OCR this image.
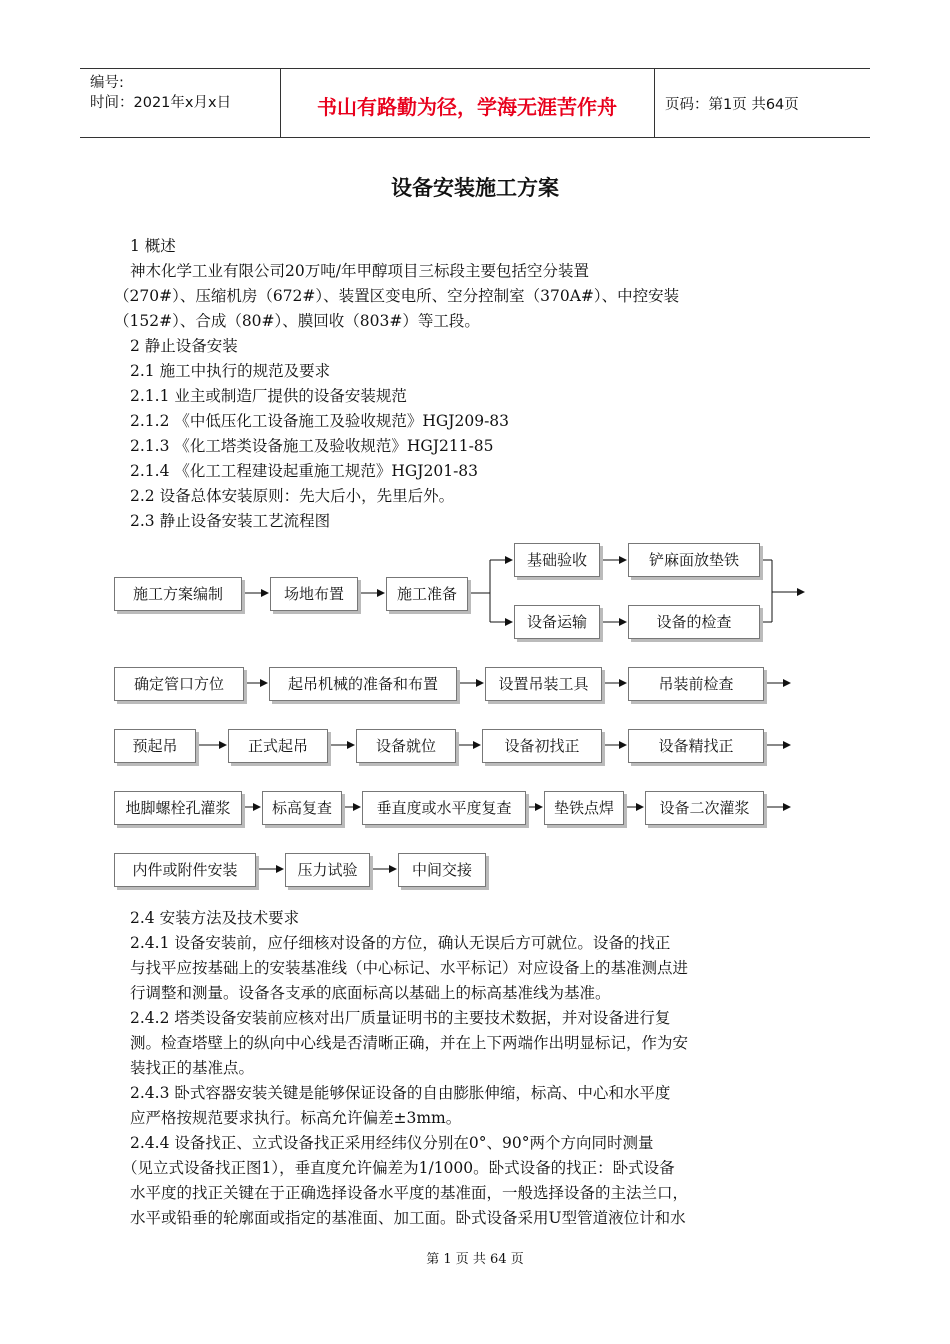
编号:
时间：2021年x月x日	书山有路勤为径，学海无涯苦作舟	页码：第1页 共64页
设备安装施工方案
1 概述
神木化学工业有限公司20万吨/年甲醇项目三标段主要包括空分装置
（270#）、压缩机房（672#）、装置区变电所、空分控制室（370A#）、中控安装
（152#）、合成（80#）、膜回收（803#）等工段。
2 静止设备安装
2.1 施工中执行的规范及要求
2.1.1 业主或制造厂提供的设备安装规范
2.1.2 《中低压化工设备施工及验收规范》HGJ209-83
2.1.3 《化工塔类设备施工及验收规范》HGJ211-85
2.1.4 《化工工程建设起重施工规范》HGJ201-83
2.2 设备总体安装原则：先大后小，先里后外。
2.3 静止设备安装工艺流程图
施工方案编制	场地布置	施工准备
基础验收	铲麻面放垫铁
设备运输	设备的检查
确定管口方位	起吊机械的准备和布置	设置吊装工具	吊装前检查
预起吊	正式起吊	设备就位	设备初找正	设备精找正
地脚螺栓孔灌浆	标高复查	垂直度或水平度复查	垫铁点焊	设备二次灌浆
内件或附件安装	压力试验	中间交接
2.4 安装方法及技术要求
2.4.1 设备安装前，应仔细核对设备的方位，确认无误后方可就位。设备的找正
与找平应按基础上的安装基准线（中心标记、水平标记）对应设备上的基准测点进
行调整和测量。设备各支承的底面标高以基础上的标高基准线为基准。
2.4.2 塔类设备安装前应核对出厂质量证明书的主要技术数据，并对设备进行复
测。检查塔壁上的纵向中心线是否清晰正确，并在上下两端作出明显标记，作为安
装找正的基准点。
2.4.3 卧式容器安装关键是能够保证设备的自由膨胀伸缩，标高、中心和水平度
应严格按规范要求执行。标高允许偏差±3mm。
2.4.4 设备找正、立式设备找正采用经纬仪分别在0°、90°两个方向同时测量
（见立式设备找正图1），垂直度允许偏差为1/1000。卧式设备的找正：卧式设备
水平度的找正关键在于正确选择设备水平度的基准面，一般选择设备的主法兰口，
水平或铅垂的轮廓面或指定的基准面、加工面。卧式设备采用U型管道液位计和水
第 1 页 共 64 页
